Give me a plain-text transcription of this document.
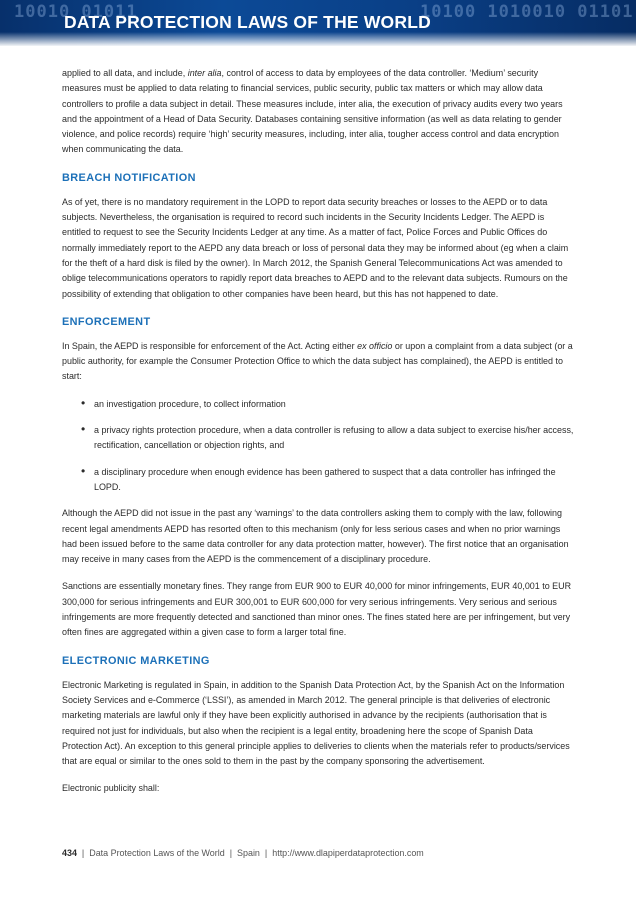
10010 01011	10100 1010010 01101
DATA PROTECTION LAWS OF THE WORLD

applied to all data, and include, inter alia, control of access to data by employees of the data controller. ‘Medium’ security measures must be applied to data relating to financial services, public security, public tax matters or which may allow data controllers to profile a data subject in detail. These measures include, inter alia, the execution of privacy audits every two years and the appointment of a Head of Data Security. Databases containing sensitive information (as well as data relating to gender violence, and police records) require ‘high’ security measures, including, inter alia, tougher access control and data encryption when communicating the data.

BREACH NOTIFICATION

As of yet, there is no mandatory requirement in the LOPD to report data security breaches or losses to the AEPD or to data subjects. Nevertheless, the organisation is required to record such incidents in the Security Incidents Ledger. The AEPD is entitled to request to see the Security Incidents Ledger at any time. As a matter of fact, Police Forces and Public Offices do normally immediately report to the AEPD any data breach or loss of personal data they may be informed about (eg when a claim for the theft of a hard disk is filed by the owner). In March 2012, the Spanish General Telecommunications Act was amended to oblige telecommunications operators to rapidly report data breaches to AEPD and to the relevant data subjects. Rumours on the possibility of extending that obligation to other companies have been heard, but this has not happened to date.

ENFORCEMENT

In Spain, the AEPD is responsible for enforcement of the Act. Acting either ex officio or upon a complaint from a data subject (or a public authority, for example the Consumer Protection Office to which the data subject has complained), the AEPD is entitled to start:

• an investigation procedure, to collect information
• a privacy rights protection procedure, when a data controller is refusing to allow a data subject to exercise his/her access, rectification, cancellation or objection rights, and
• a disciplinary procedure when enough evidence has been gathered to suspect that a data controller has infringed the LOPD.

Although the AEPD did not issue in the past any ‘warnings’ to the data controllers asking them to comply with the law, following recent legal amendments AEPD has resorted often to this mechanism (only for less serious cases and when no prior warnings had been issued before to the same data controller for any data protection matter, however). The first notice that an organisation may receive in many cases from the AEPD is the commencement of a disciplinary procedure.

Sanctions are essentially monetary fines. They range from EUR 900 to EUR 40,000 for minor infringements, EUR 40,001 to EUR 300,000 for serious infringements and EUR 300,001 to EUR 600,000 for very serious infringements. Very serious and serious infringements are more frequently detected and sanctioned than minor ones. The fines stated here are per infringement, but very often fines are aggregated within a given case to form a larger total fine.

ELECTRONIC MARKETING

Electronic Marketing is regulated in Spain, in addition to the Spanish Data Protection Act, by the Spanish Act on the Information Society Services and e-Commerce (‘LSSI’), as amended in March 2012. The general principle is that deliveries of electronic marketing materials are lawful only if they have been explicitly authorised in advance by the recipients (authorisation that is required not just for individuals, but also when the recipient is a legal entity, broadening here the scope of Spanish Data Protection Act). An exception to this general principle applies to deliveries to clients when the materials refer to products/services that are equal or similar to the ones sold to them in the past by the company sponsoring the advertisement.

Electronic publicity shall:

434 | Data Protection Laws of the World | Spain | http://www.dlapiperdataprotection.com
